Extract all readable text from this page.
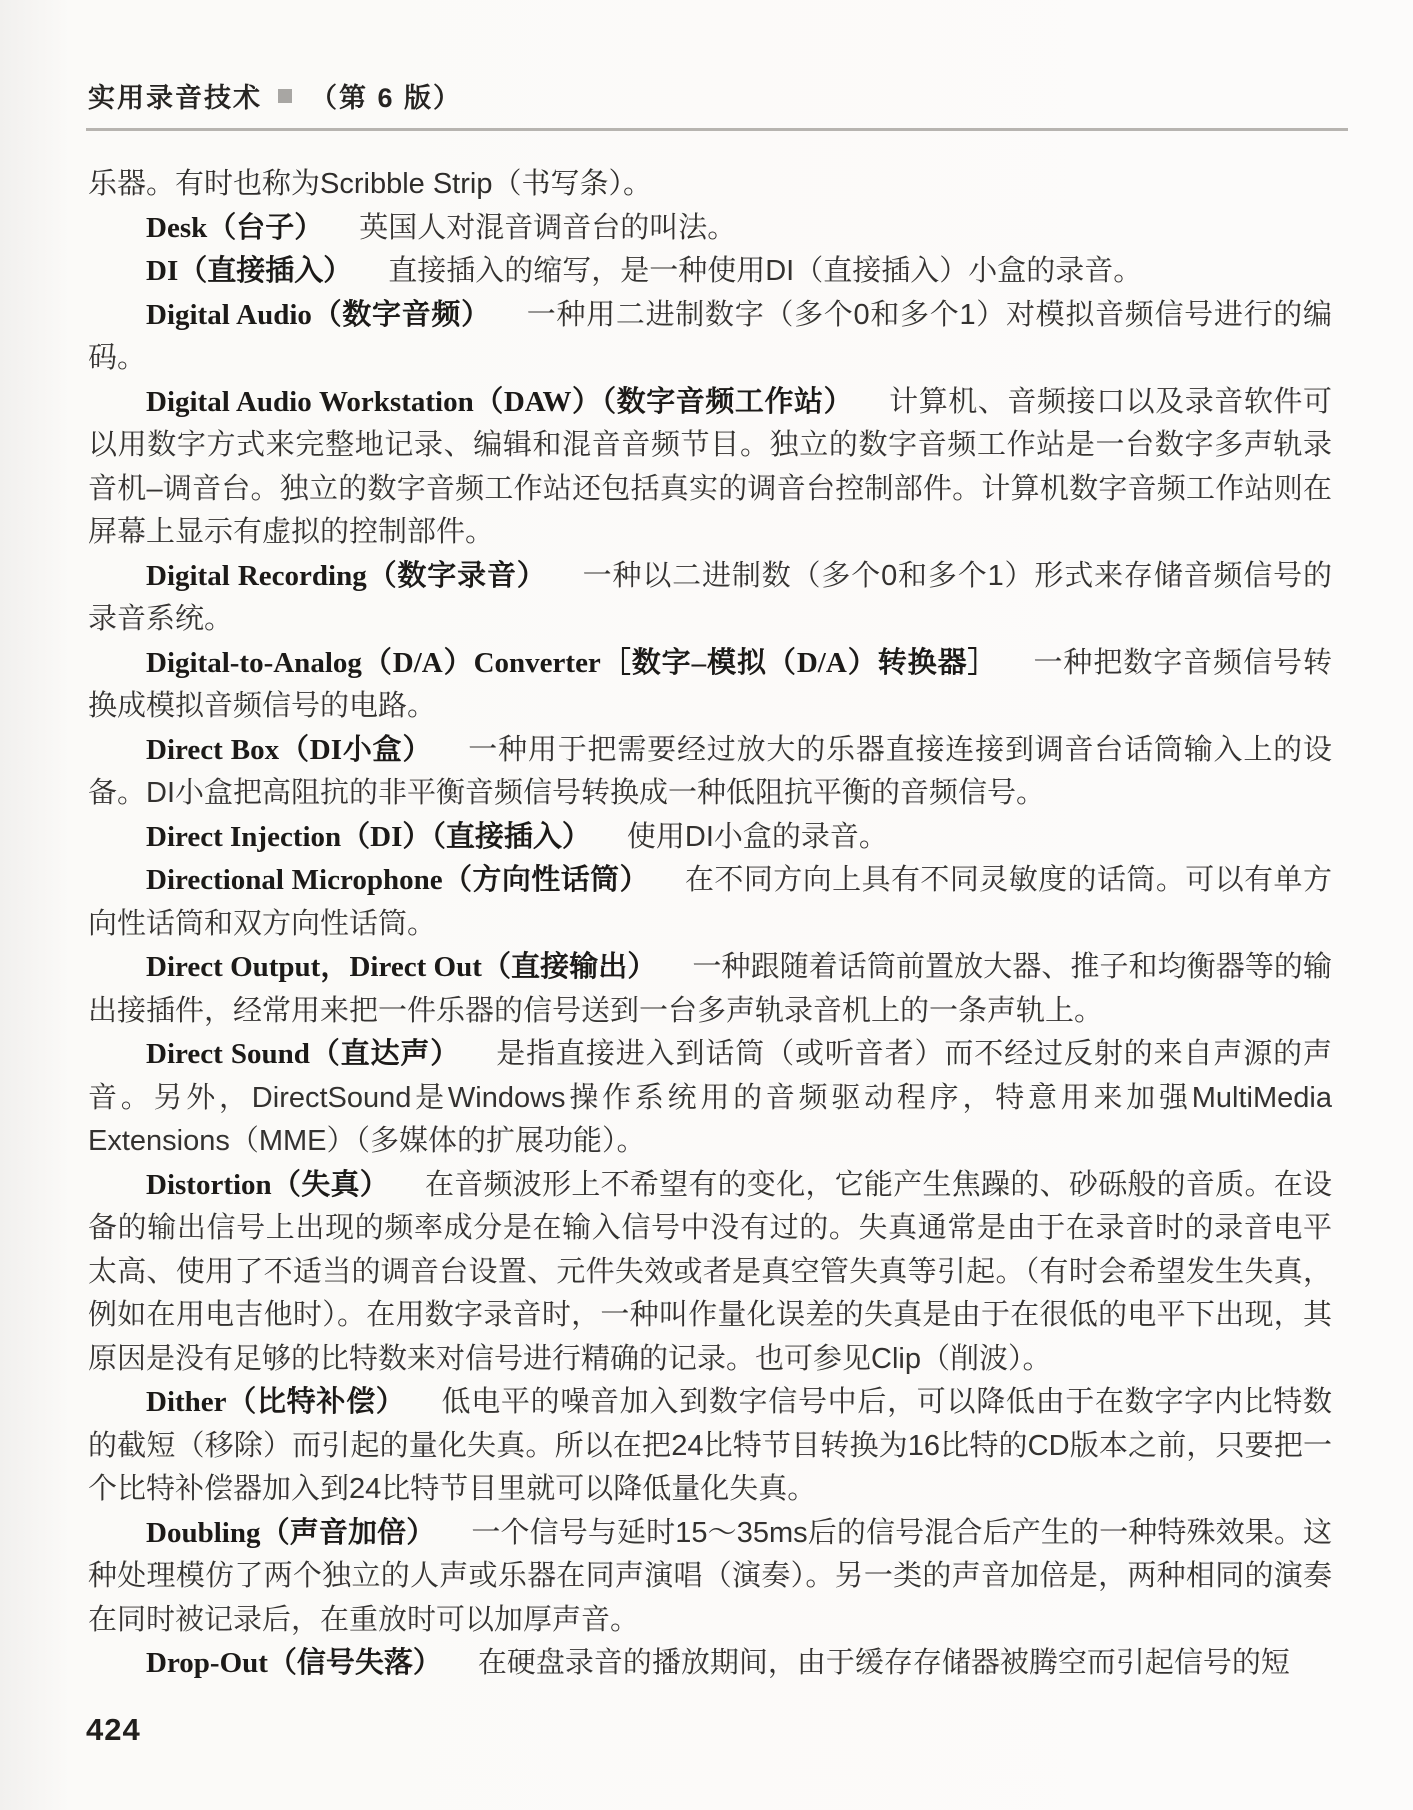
实用录音技术 （第 6 版）

乐器。有时也称为Scribble Strip（书写条）。

Desk（台子） 英国人对混音调音台的叫法。

DI（直接插入） 直接插入的缩写，是一种使用DI（直接插入）小盒的录音。

Digital Audio（数字音频） 一种用二进制数字（多个0和多个1）对模拟音频信号进行的编码。

Digital Audio Workstation（DAW）（数字音频工作站） 计算机、音频接口以及录音软件可以用数字方式来完整地记录、编辑和混音音频节目。独立的数字音频工作站是一台数字多声轨录音机–调音台。独立的数字音频工作站还包括真实的调音台控制部件。计算机数字音频工作站则在屏幕上显示有虚拟的控制部件。

Digital Recording（数字录音） 一种以二进制数（多个0和多个1）形式来存储音频信号的录音系统。

Digital-to-Analog（D/A）Converter［数字–模拟（D/A）转换器］ 一种把数字音频信号转换成模拟音频信号的电路。

Direct Box（DI小盒） 一种用于把需要经过放大的乐器直接连接到调音台话筒输入上的设备。DI小盒把高阻抗的非平衡音频信号转换成一种低阻抗平衡的音频信号。

Direct Injection（DI）（直接插入） 使用DI小盒的录音。

Directional Microphone（方向性话筒） 在不同方向上具有不同灵敏度的话筒。可以有单方向性话筒和双方向性话筒。

Direct Output，Direct Out（直接输出） 一种跟随着话筒前置放大器、推子和均衡器等的输出接插件，经常用来把一件乐器的信号送到一台多声轨录音机上的一条声轨上。

Direct Sound（直达声） 是指直接进入到话筒（或听音者）而不经过反射的来自声源的声音。另外，DirectSound是Windows操作系统用的音频驱动程序，特意用来加强MultiMedia Extensions（MME）（多媒体的扩展功能）。

Distortion（失真） 在音频波形上不希望有的变化，它能产生焦躁的、砂砾般的音质。在设备的输出信号上出现的频率成分是在输入信号中没有过的。失真通常是由于在录音时的录音电平太高、使用了不适当的调音台设置、元件失效或者是真空管失真等引起。（有时会希望发生失真，例如在用电吉他时）。在用数字录音时，一种叫作量化误差的失真是由于在很低的电平下出现，其原因是没有足够的比特数来对信号进行精确的记录。也可参见Clip（削波）。

Dither（比特补偿） 低电平的噪音加入到数字信号中后，可以降低由于在数字字内比特数的截短（移除）而引起的量化失真。所以在把24比特节目转换为16比特的CD版本之前，只要把一个比特补偿器加入到24比特节目里就可以降低量化失真。

Doubling（声音加倍） 一个信号与延时15～35ms后的信号混合后产生的一种特殊效果。这种处理模仿了两个独立的人声或乐器在同声演唱（演奏）。另一类的声音加倍是，两种相同的演奏在同时被记录后，在重放时可以加厚声音。

Drop-Out（信号失落） 在硬盘录音的播放期间，由于缓存存储器被腾空而引起信号的短

424
